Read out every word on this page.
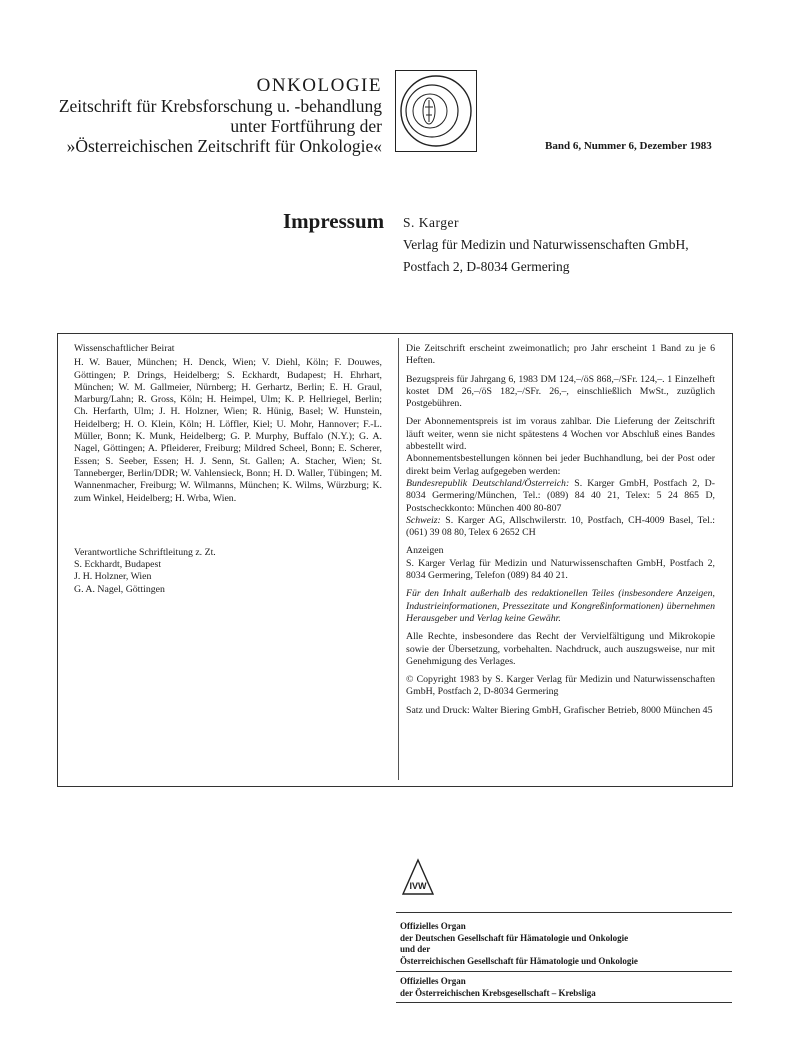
ONKOLOGIE
Zeitschrift für Krebsforschung u. -behandlung
unter Fortführung der
»Österreichischen Zeitschrift für Onkologie«	Band 6, Nummer 6, Dezember 1983
Impressum S. Karger
Verlag für Medizin und Naturwissenschaften GmbH,
Postfach 2, D-8034 Germering
Wissenschaftlicher Beirat
H. W. Bauer, München; H. Denck, Wien; V. Diehl, Köln; F. Douwes, Göttingen; P. Drings, Heidelberg; S. Eckhardt, Budapest; H. Ehrhart, München; W. M. Gallmeier, Nürnberg; H. Gerhartz, Berlin; E. H. Graul, Marburg/Lahn; R. Gross, Köln; H. Heimpel, Ulm; K. P. Hellriegel, Berlin; Ch. Herfarth, Ulm; J. H. Holzner, Wien; R. Hünig, Basel; W. Hunstein, Heidelberg; H. O. Klein, Köln; H. Löffler, Kiel; U. Mohr, Hannover; F.-L. Müller, Bonn; K. Munk, Heidelberg; G. P. Murphy, Buffalo (N.Y.); G. A. Nagel, Göttingen; A. Pfleiderer, Freiburg; Mildred Scheel, Bonn; E. Scherer, Essen; S. Seeber, Essen; H. J. Senn, St. Gallen; A. Stacher, Wien; St. Tanneberger, Berlin/DDR; W. Vahlensieck, Bonn; H. D. Waller, Tübingen; M. Wannenmacher, Freiburg; W. Wilmanns, München; K. Wilms, Würzburg; K. zum Winkel, Heidelberg; H. Wrba, Wien.
Verantwortliche Schriftleitung z. Zt.
S. Eckhardt, Budapest
J. H. Holzner, Wien
G. A. Nagel, Göttingen
Die Zeitschrift erscheint zweimonatlich; pro Jahr erscheint 1 Band zu je 6 Heften.
Bezugspreis für Jahrgang 6, 1983 DM 124,–/öS 868,–/SFr. 124,–. 1 Einzelheft kostet DM 26,–/öS 182,–/SFr. 26,–, einschließlich MwSt., zuzüglich Postgebühren.
Der Abonnementspreis ist im voraus zahlbar. Die Lieferung der Zeitschrift läuft weiter, wenn sie nicht spätestens 4 Wochen vor Abschluß eines Bandes abbestellt wird.
Abonnementsbestellungen können bei jeder Buchhandlung, bei der Post oder direkt beim Verlag aufgegeben werden:
Bundesrepublik Deutschland/Österreich: S. Karger GmbH, Postfach 2, D-8034 Germering/München, Tel.: (089) 84 40 21, Telex: 5 24 865 D, Postscheckkonto: München 400 80-807
Schweiz: S. Karger AG, Allschwilerstr. 10, Postfach, CH-4009 Basel, Tel.: (061) 39 08 80, Telex 6 2652 CH
Anzeigen
S. Karger Verlag für Medizin und Naturwissenschaften GmbH, Postfach 2, 8034 Germering, Telefon (089) 84 40 21.
Für den Inhalt außerhalb des redaktionellen Teiles (insbesondere Anzeigen, Industrieinformationen, Pressezitate und Kongreßinformationen) übernehmen Herausgeber und Verlag keine Gewähr.
Alle Rechte, insbesondere das Recht der Vervielfältigung und Mikrokopie sowie der Übersetzung, vorbehalten. Nachdruck, auch auszugsweise, nur mit Genehmigung des Verlages.
© Copyright 1983 by S. Karger Verlag für Medizin und Naturwissenschaften GmbH, Postfach 2, D-8034 Germering
Satz und Druck: Walter Biering GmbH, Grafischer Betrieb, 8000 München 45
IVW
Offizielles Organ
der Deutschen Gesellschaft für Hämatologie und Onkologie
und der
Österreichischen Gesellschaft für Hämatologie und Onkologie
Offizielles Organ
der Österreichischen Krebsgesellschaft – Krebsliga
